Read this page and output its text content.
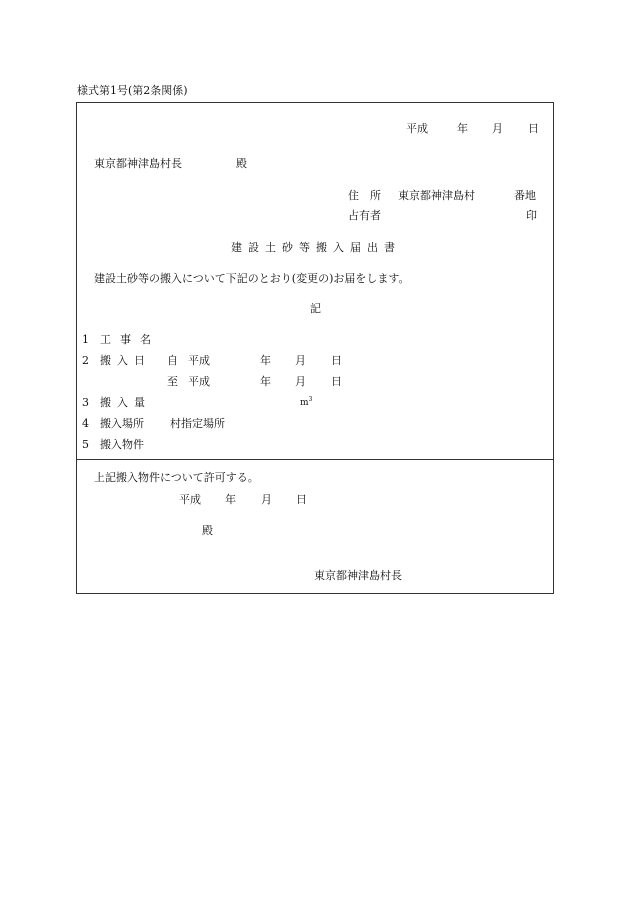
様式第1号(第2条関係)
平成	年 月 日
東京都神津島村長	殿
住　所 東京都神津島村	番地
占有者	印
建設土砂等搬入届出書
建設土砂等の搬入について下記のとおり(変更の)お届をします。
記
1 工事名
2 搬入日 自 平成	年 月 日
至 平成	年 月 日
3 搬入量	$m^3$
4 搬入場所 村指定場所
5 搬入物件
上記搬入物件について許可する。
平成 年 月 日
殿
東京都神津島村長
